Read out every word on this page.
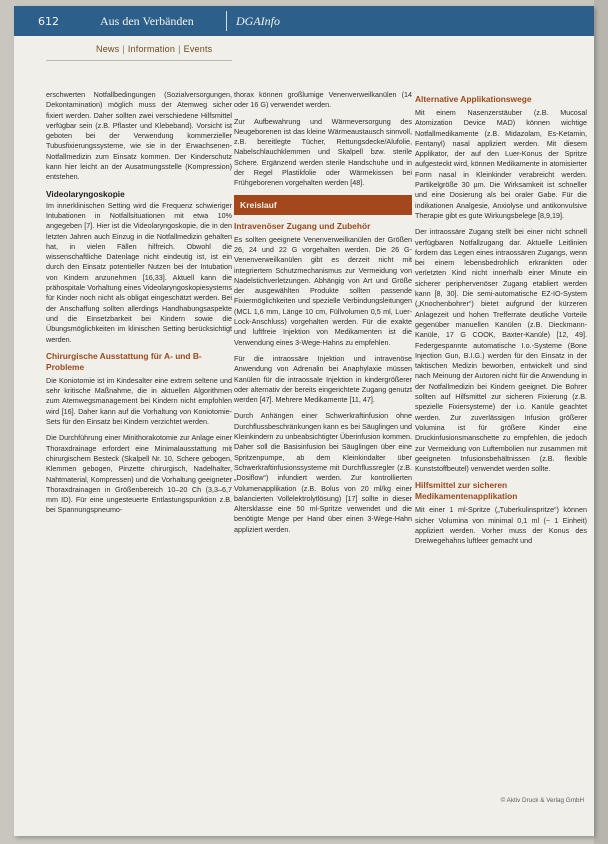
612	Aus den Verbänden	DGAInfo
News | Information | Events

erschwerten Notfallbedingungen (Sozialversorgungen, Dekontamination) möglich muss der Atemweg sicher fixiert werden. Daher sollten zwei verschiedene Hilfsmittel verfügbar sein (z.B. Pflaster und Klebeband). Vorsicht ist geboten bei der Verwendung kommerzieller Tubusfixierungssysteme, wie sie in der Erwachsenen-Notfallmedizin zum Einsatz kommen. Der Kinderschutz kann hier leicht an der Ausatmungsstelle (Kompression) entstehen.

Videolaryngoskopie

Im innerklinischen Setting wird die Frequenz schwieriger Intubationen in Notfallsituationen mit etwa 10% angegeben [7]. Hier ist die Videolaryngoskopie, die in den letzten Jahren auch Einzug in die Notfallmedizin gehalten hat, in vielen Fällen hilfreich. Obwohl die wissenschaftliche Datenlage nicht eindeutig ist, ist ein durch den Einsatz potentieller Nutzen bei der Intubation von Kindern anzunehmen [16,33]. Aktuell kann die prähospitale Vorhaltung eines Videolaryngoskopiesystems für Kinder noch nicht als obligat eingeschätzt werden. Bei der Anschaffung sollten allerdings Handhabungsaspekte und die Einsetzbarkeit bei Kindern sowie die Übungsmöglichkeiten im klinischen Setting berücksichtigt werden.

Chirurgische Ausstattung für A- und B-Probleme

Die Koniotomie ist im Kindesalter eine extrem seltene und sehr kritische Maßnahme, die in aktuellen Algorithmen zum Atemwegsmanagement bei Kindern nicht empfohlen wird [16]. Daher kann auf die Vorhaltung von Koniotomie-Sets für den Einsatz bei Kindern verzichtet werden.

Die Durchführung einer Minithorakotomie zur Anlage einer Thoraxdrainage erfordert eine Minimalausstattung mit chirurgischem Besteck (Skalpell Nr. 10, Schere gebogen, Klemmen gebogen, Pinzette chirurgisch, Nadelhalter, Nahtmaterial, Kompressen) und die Vorhaltung geeigneter Thoraxdrainagen in Größenbereich 10–20 Ch (3,3–6,7 mm ID). Für eine ungesteuerte Entlastungspunktion z.B. bei Spannungspneumo-

thorax können großlumige Venenverweilkanülen (14 oder 16 G) verwendet werden.

Zur Aufbewahrung und Wärmeversorgung des Neugeborenen ist das kleine Wärmeaustausch sinnvoll, z.B. bereitlegte Tücher, Rettungsdecke/Alufolie, Nabelschlauchklemmen und Skalpell bzw. sterile Schere. Ergänzend werden sterile Handschuhe und in der Regel Plastikfolie oder Wärmekissen bei Frühgeborenen vorgehalten werden [48].

Kreislauf
Intravenöser Zugang und Zubehör

Es sollten geeignete Venenverweilkanülen der Größen 26, 24 und 22 G vorgehalten werden. Die 26 G-Venenverweilkanülen gibt es derzeit nicht mit integriertem Schutzmechanismus zur Vermeidung von Nadelstichverletzungen. Abhängig von Art und Größe der ausgewählten Produkte sollten passende Fixiermöglichkeiten und spezielle Verbindungsleitungen (MCL 1,6 mm, Länge 10 cm, Füllvolumen 0,5 ml, Luer-Lock-Anschluss) vorgehalten werden. Für die exakte und luftfreie Injektion von Medikamenten ist die Verwendung eines 3-Wege-Hahns zu empfehlen.

Für die intraossäre Injektion und intravenöse Anwendung von Adrenalin bei Anaphylaxie müssen Kanülen für die intraossale Injektion in kindergrößerer oder alternativ der bereits eingerichtete Zugang genutzt werden [47]. Mehrere Medikamente [11, 47].

Durch Anhängen einer Schwerkraftinfusion ohne Durchflussbeschränkungen kann es bei Säuglingen und Kleinkindern zu unbeabsichtigter Überinfusion kommen. Daher soll die Basisinfusion bei Säuglingen über eine Spritzenpumpe, ab dem Kleinkindalter über Schwerkraftinfusionssysteme mit Durchflussregler (z.B. „Dosiflow“) infundiert werden. Zur kontrollierten Volumenapplikation (z.B. Bolus von 20 ml/kg einer balancierten Vollelektrolytlösung) [17] sollte in dieser Altersklasse eine 50 ml-Spritze verwendet und die benötigte Menge per Hand über einen 3-Wege-Hahn appliziert werden.

Alternative Applikationswege

Mit einem Nasenzerstäuber (z.B. Mucosal Atomization Device MAD) können wichtige Notfallmedikamente (z.B. Midazolam, Es-Ketamin, Fentanyl) nasal appliziert werden. Mit diesem Applikator, der auf den Luer-Konus der Spritze aufgesteckt wird, können Medikamente in atomisierter Form nasal in Kleinkinder verabreicht werden. Partikelgröße 30 µm. Die Wirksamkeit ist schneller und eine Dosierung als bei oraler Gabe. Für die indikationen Analgesie, Anxiolyse und antikonvulsive Therapie gibt es gute Wirkungsbelege [8,9,19].

Der intraossäre Zugang stellt bei einer nicht schnell verfügbaren Notfallzugang dar. Aktuelle Leitlinien fordern das Legen eines intraossären Zugangs, wenn bei einem lebensbedrohlich erkrankten oder verletzten Kind nicht innerhalb einer Minute ein sicherer periphervenöser Zugang etabliert werden kann [8, 30]. Die semi-automatische EZ-IO-System („Knochenbohrer“) bietet aufgrund der kürzeren Anlagezeit und hohen Trefferrate deutliche Vorteile gegenüber manuellen Kanülen (z.B. Dieckmann-Kanüle, 17 G COOK, Baxter-Kanüle) [12, 49]. Federgespannte automatische I.o.-Systeme (Bone Injection Gun, B.I.G.) werden für den Einsatz in der taktischen Medizin beworben, entwickelt und sind nach Meinung der Autoren nicht für die Anwendung in der Notfallmedizin bei Kindern geeignet. Die Bohrer sollten auf Hilfsmittel zur sicheren Fixierung (z.B. spezielle Fixiersysteme) der i.o. Kanüle geachtet werden. Zur zuverlässigen Infusion größerer Volumina ist für größere Kinder eine Druckinfusionsmanschette zu empfehlen, die jedoch zur Vermeidung von Luftembolien nur zusammen mit geeigneten Infusionsbehältnissen (z.B. flexible Kunststoffbeutel) verwendet werden sollte.

Hilfsmittel zur sicheren Medikamentenapplikation

Mit einer 1 ml-Spritze („Tuberkulinspritze“) können sicher Volumina von minimal 0,1 ml (~ 1 Einheit) appliziert werden. Vorher muss der Konus des Dreiwegehahns luftleer gemacht und

© Aktiv Druck & Verlag GmbH
